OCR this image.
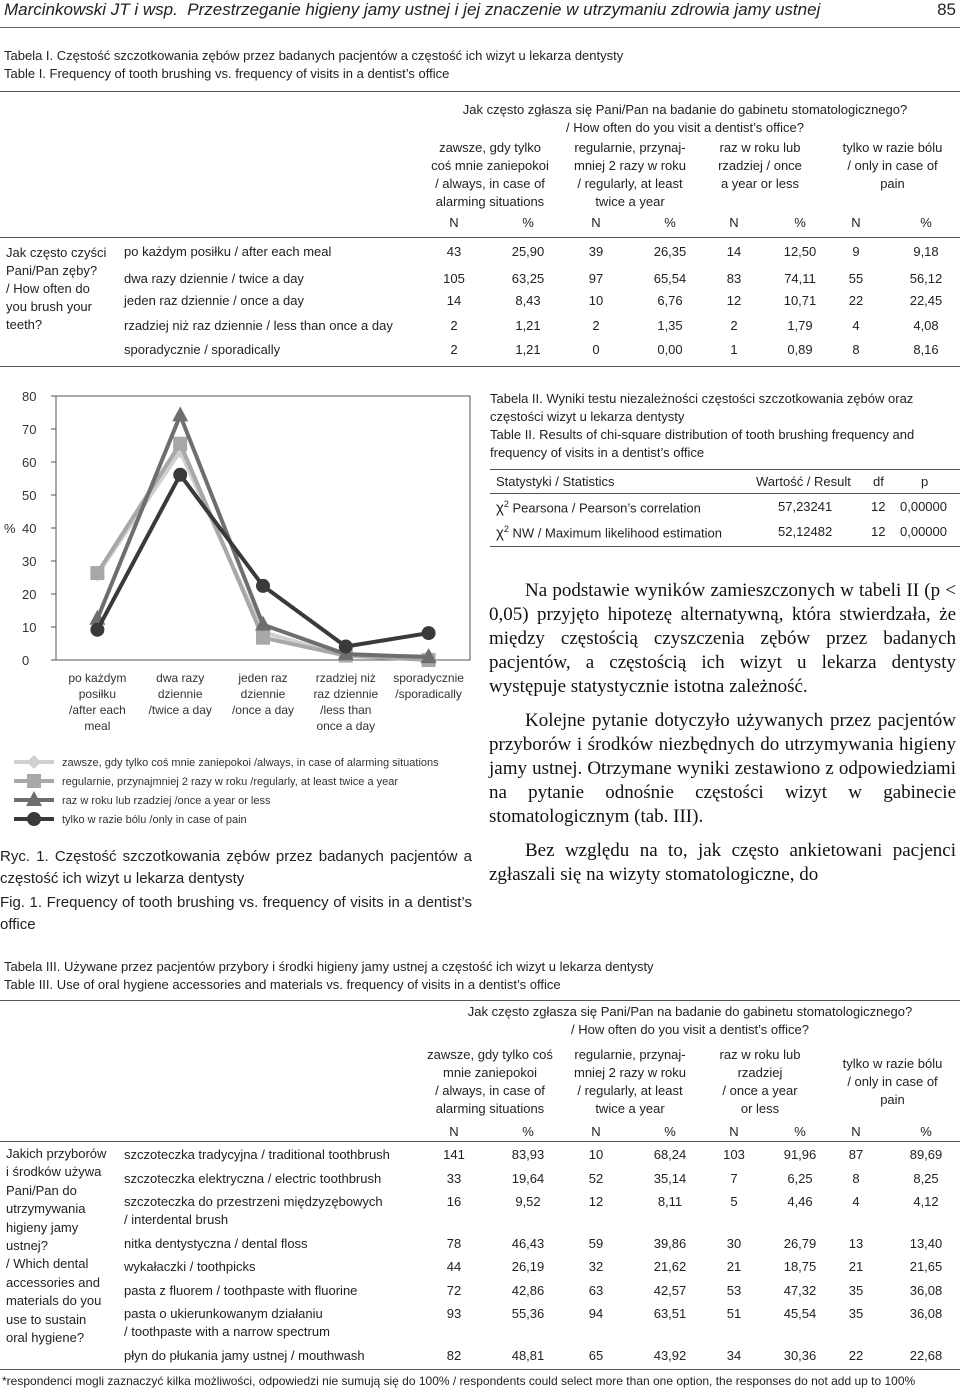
Marcinkowski JT i wsp. Przestrzeganie higieny jamy ustnej i jej znaczenie w utrzymaniu zdrowia jamy ustnej	85
Tabela I. Częstość szczotkowania zębów przez badanych pacjentów a częstość ich wizyt u lekarza dentysty
Table I. Frequency of tooth brushing vs. frequency of visits in a dentist’s office
Jak często zgłasza się Pani/Pan na badanie do gabinetu stomatologicznego?
/ How often do you visit a dentist’s office?
zawsze, gdy tylko
coś mnie zaniepokoi
/ always, in case of
alarming situations
regularnie, przynaj-
mniej 2 razy w roku
/ regularly, at least
twice a year
raz w roku lub
rzadziej / once
a year or less
tylko w razie bólu
/ only in case of
pain
Jak często czyści
Pani/Pan zęby?
/ How often do
you brush your
teeth?
0
10
20
30
40
50
60
70
80
%
po każdym
posiłku
/after each
meal
dwa razy
dziennie
/twice a day
jeden raz
dziennie
/once a day
rzadziej niż
raz dziennie
/less than
once a day
sporadycznie
/sporadically
zawsze, gdy tylko coś mnie zaniepokoi /always, in case of alarming situations
regularnie, przynajmniej 2 razy w roku /regularly, at least twice a year
raz w roku lub rzadziej /once a year or less
tylko w razie bólu /only in case of pain
Ryc. 1. Częstość szczotkowania zębów przez badanych pacjentów a częstość ich wizyt u lekarza dentysty
Fig. 1. Frequency of tooth brushing vs. frequency of visits in a dentist’s office
Tabela II. Wyniki testu niezależności częstości szczotkowania zębów oraz częstości wizyt u lekarza dentysty
Table II. Results of chi-square distribution of tooth brushing frequency and frequency of visits in a dentist’s office
Statystyki / Statistics	Wartość / Result df	p

Na podstawie wyników zamieszczonych w tabeli II (p < 0,05) przyjęto hipotezę alternatywną, która stwierdzała, że między częstością czyszczenia zębów przez badanych pacjentów, a częstością ich wizyt u lekarza dentysty występuje statystycznie istotna zależność.

Kolejne pytanie dotyczyło używanych przez pacjentów przyborów i środków niezbędnych do utrzymywania higieny jamy ustnej. Otrzymane wyniki zestawiono z odpowiedziami na pytanie odnośnie częstości wizyt w gabinecie stomatologicznym (tab. III).

Bez względu na to, jak często ankietowani pacjenci zgłaszali się na wizyty stomatologiczne, do

Tabela III. Używane przez pacjentów przybory i środki higieny jamy ustnej a częstość ich wizyt u lekarza dentysty
Table III. Use of oral hygiene accessories and materials vs. frequency of visits in a dentist’s office
Jak często zgłasza się Pani/Pan na badanie do gabinetu stomatologicznego?
/ How often do you visit a dentist’s office?
zawsze, gdy tylko coś
mnie zaniepokoi
/ always, in case of
alarming situations
regularnie, przynaj-
mniej 2 razy w roku
/ regularly, at least
twice a year
raz w roku lub
rzadziej
/ once a year
or less
tylko w razie bólu
/ only in case of
pain
Jakich przyborów
i środków używa
Pani/Pan do
utrzymywania
higieny jamy
ustnej?
/ Which dental
accessories and
materials do you
use to sustain
oral hygiene?
*respondenci mogli zaznaczyć kilka możliwości, odpowiedzi nie sumują się do 100% / respondents could select more than one option, the responses do not add up to 100%
N	%	N	%	N	%	N	%
N	%	N	%	N	%	N	%
po każdym posiłku / after each meal	43	25,90	39	26,35	14	12,50	9	9,18
dwa razy dziennie / twice a day	105	63,25	97	65,54	83	74,11	55	56,12
jeden raz dziennie / once a day	14	8,43	10	6,76	12	10,71	22	22,45
rzadziej niż raz dziennie / less than once a day	2	1,21	2	1,35	2	1,79	4	4,08
sporadycznie / sporadically	2	1,21	0	0,00	1	0,89	8	8,16
szczoteczka tradycyjna / traditional toothbrush	141	83,93	10	68,24	103	91,96	87	89,69
szczoteczka elektryczna / electric toothbrush	33	19,64	52	35,14	7	6,25	8	8,25
szczoteczka do przestrzeni międzyzębowych
/ interdental brush
16	9,52	12	8,11	5	4,46	4	4,12
nitka dentystyczna / dental floss	78	46,43	59	39,86	30	26,79	13	13,40
wykałaczki / toothpicks	44	26,19	32	21,62	21	18,75	21	21,65
pasta z fluorem / toothpaste with fluorine	72	42,86	63	42,57	53	47,32	35	36,08
pasta o ukierunkowanym działaniu
/ toothpaste with a narrow spectrum
93	55,36	94	63,51	51	45,54	35	36,08
płyn do płukania jamy ustnej / mouthwash	82	48,81	65	43,92	34	30,36	22	22,68
$\chi^2$ Pearsona / Pearson’s correlation	57,23241	12 0,00000
$\chi^2$ NW / Maximum likelihood estimation	52,12482	12 0,00000
